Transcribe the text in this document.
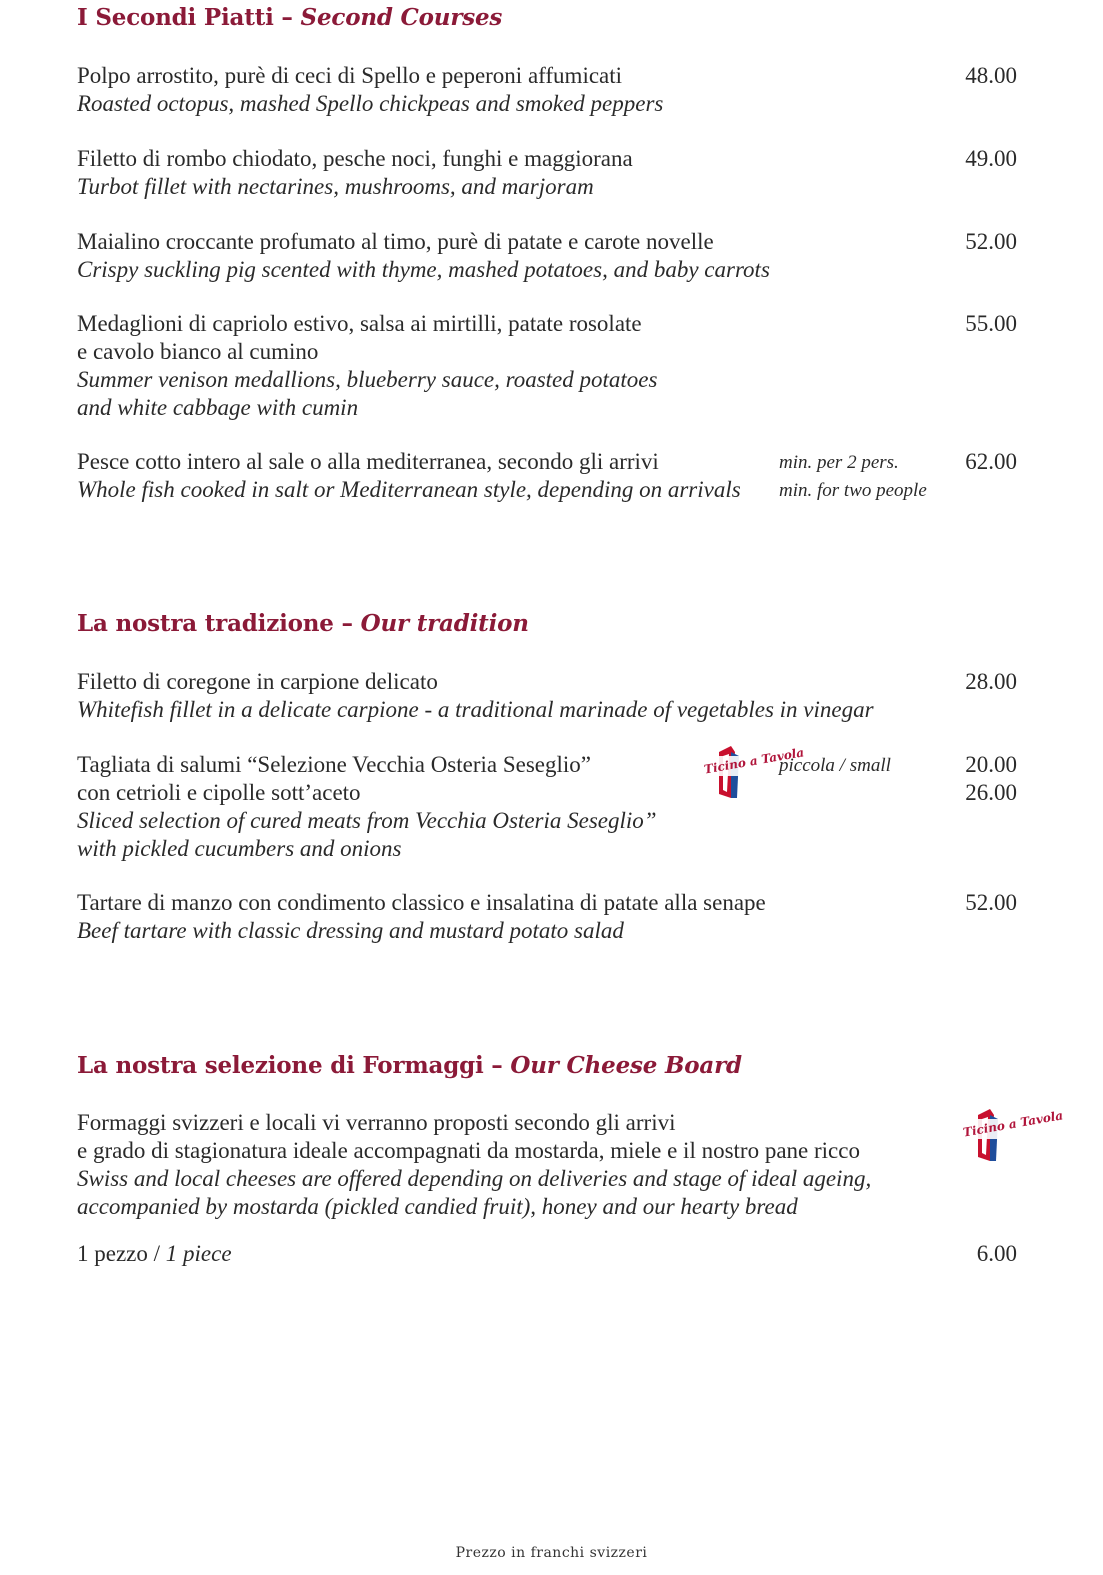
I Secondi Piatti – Second Courses

Polpo arrostito, purè di ceci di Spello e peperoni affumicati	48.00

Roasted octopus, mashed Spello chickpeas and smoked peppers

Filetto di rombo chiodato, pesche noci, funghi e maggiorana	49.00

Turbot fillet with nectarines, mushrooms, and marjoram

Maialino croccante profumato al timo, purè di patate e carote novelle	52.00

Crispy suckling pig scented with thyme, mashed potatoes, and baby carrots

Medaglioni di capriolo estivo, salsa ai mirtilli, patate rosolate	55.00

e cavolo bianco al cumino

Summer venison medallions, blueberry sauce, roasted potatoes

and white cabbage with cumin

Pesce cotto intero al sale o alla mediterranea, secondo gli arrivi	min. per 2 pers.	62.00

Whole fish cooked in salt or Mediterranean style, depending on arrivals min. for two people

La nostra tradizione – Our tradition

Filetto di coregone in carpione delicato	28.00

Whitefish fillet in a delicate carpione - a traditional marinade of vegetables in vinegar

Tagliata di salumi “Selezione Vecchia Osteria Seseglio”	piccola / small	20.00

con cetrioli e cipolle sott’aceto	26.00

Sliced selection of cured meats from Vecchia Osteria Seseglio”

with pickled cucumbers and onions

Ticino a Tavola

Tartare di manzo con condimento classico e insalatina di patate alla senape	52.00

Beef tartare with classic dressing and mustard potato salad

La nostra selezione di Formaggi – Our Cheese Board

Formaggi svizzeri e locali vi verranno proposti secondo gli arrivi

e grado di stagionatura ideale accompagnati da mostarda, miele e il nostro pane ricco

Swiss and local cheeses are offered depending on deliveries and stage of ideal ageing,

accompanied by mostarda (pickled candied fruit), honey and our hearty bread

Ticino a Tavola

1 pezzo / 1 piece	6.00

Prezzo in franchi svizzeri
